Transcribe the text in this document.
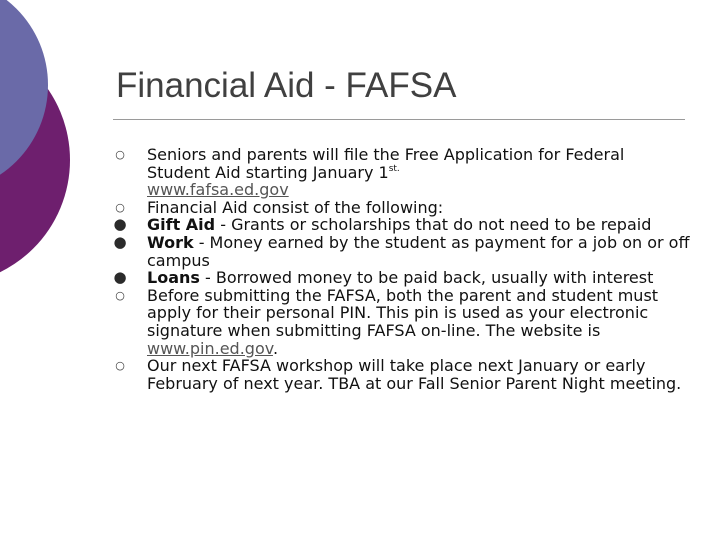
Financial Aid - FAFSA
○	Seniors and parents will file the Free Application for Federal Student Aid starting January $1^{st.}$
www.fafsa.ed.gov
○	Financial Aid consist of the following:
● Gift Aid - Grants or scholarships that do not need to be repaid
● Work - Money earned by the student as payment for a job on or off campus
● Loans - Borrowed money to be paid back, usually with interest
○	Before submitting the FAFSA, both the parent and student must apply for their personal PIN. This pin is used as your electronic signature when submitting FAFSA on-line. The website is www.pin.ed.gov.
○	Our next FAFSA workshop will take place next January or early February of next year. TBA at our Fall Senior Parent Night meeting.
